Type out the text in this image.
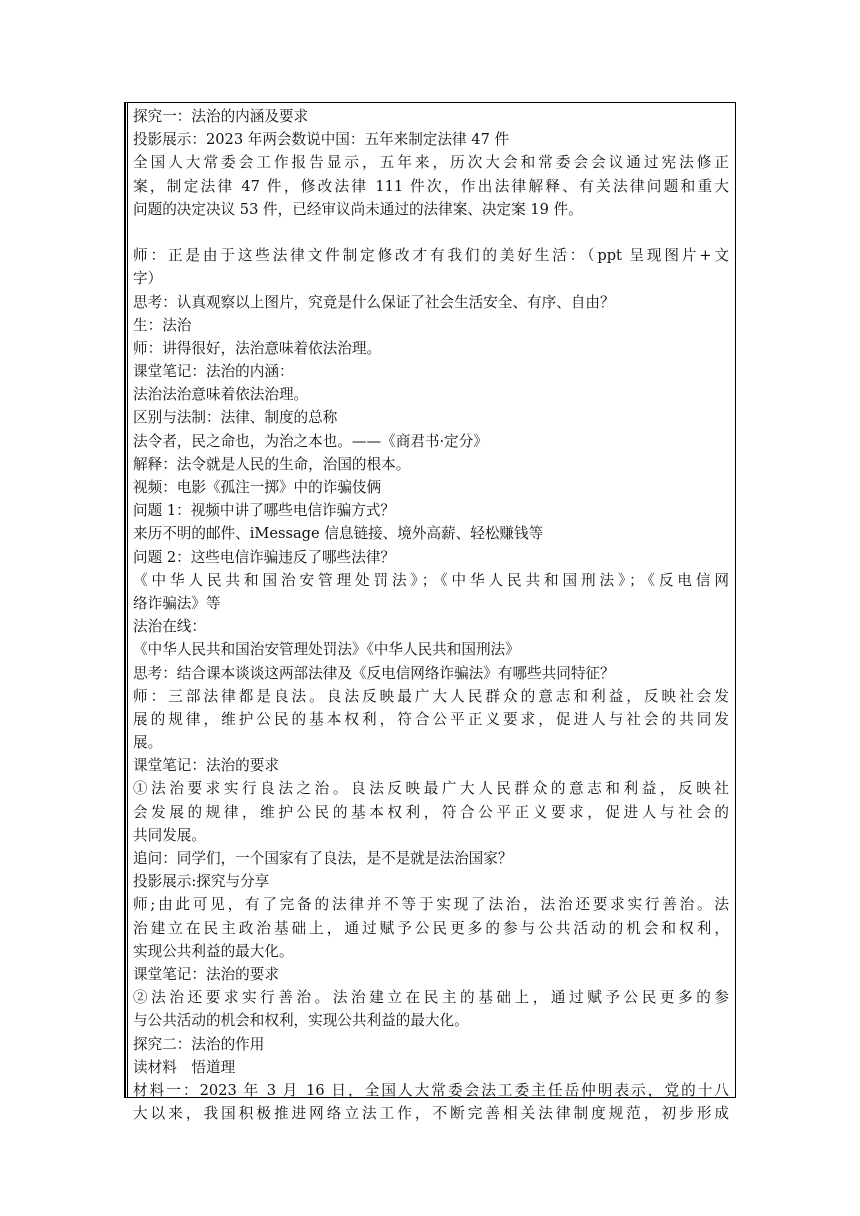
探究一：法治的内涵及要求
投影展示：2023 年两会数说中国：五年来制定法律 47 件
全国人大常委会工作报告显示，五年来，历次大会和常委会会议通过宪法修正
案，制定法律 47 件，修改法律 111 件次，作出法律解释、有关法律问题和重大
问题的决定决议 53 件，已经审议尚未通过的法律案、决定案 19 件。
师：正是由于这些法律文件制定修改才有我们的美好生活：（ppt 呈现图片+文
字）
思考：认真观察以上图片，究竟是什么保证了社会生活安全、有序、自由？
生：法治
师：讲得很好，法治意味着依法治理。
课堂笔记：法治的内涵：
法治法治意味着依法治理。
区别与法制：法律、制度的总称
法令者，民之命也，为治之本也。——《商君书·定分》
解释：法令就是人民的生命，治国的根本。
视频：电影《孤注一掷》中的诈骗伎俩
问题 1：视频中讲了哪些电信诈骗方式？
来历不明的邮件、iMessage 信息链接、境外高薪、轻松赚钱等
问题 2：这些电信诈骗违反了哪些法律？
《中华人民共和国治安管理处罚法》；《中华人民共和国刑法》；《反电信网
络诈骗法》等
法治在线：
《中华人民共和国治安管理处罚法》《中华人民共和国刑法》
思考：结合课本谈谈这两部法律及《反电信网络诈骗法》有哪些共同特征？
师：三部法律都是良法。良法反映最广大人民群众的意志和利益，反映社会发
展的规律，维护公民的基本权利，符合公平正义要求，促进人与社会的共同发
展。
课堂笔记：法治的要求
①法治要求实行良法之治。良法反映最广大人民群众的意志和利益，反映社
会发展的规律，维护公民的基本权利，符合公平正义要求，促进人与社会的
共同发展。
追问：同学们，一个国家有了良法，是不是就是法治国家？
投影展示:探究与分享
师;由此可见，有了完备的法律并不等于实现了法治，法治还要求实行善治。法
治建立在民主政治基础上，通过赋予公民更多的参与公共活动的机会和权利，
实现公共利益的最大化。
课堂笔记：法治的要求
②法治还要求实行善治。法治建立在民主的基础上，通过赋予公民更多的参
与公共活动的机会和权利，实现公共利益的最大化。
探究二：法治的作用
读材料　悟道理
材料一：2023 年 3 月 16 日，全国人大常委会法工委主任岳仲明表示，党的十八
大以来，我国积极推进网络立法工作，不断完善相关法律制度规范，初步形成
